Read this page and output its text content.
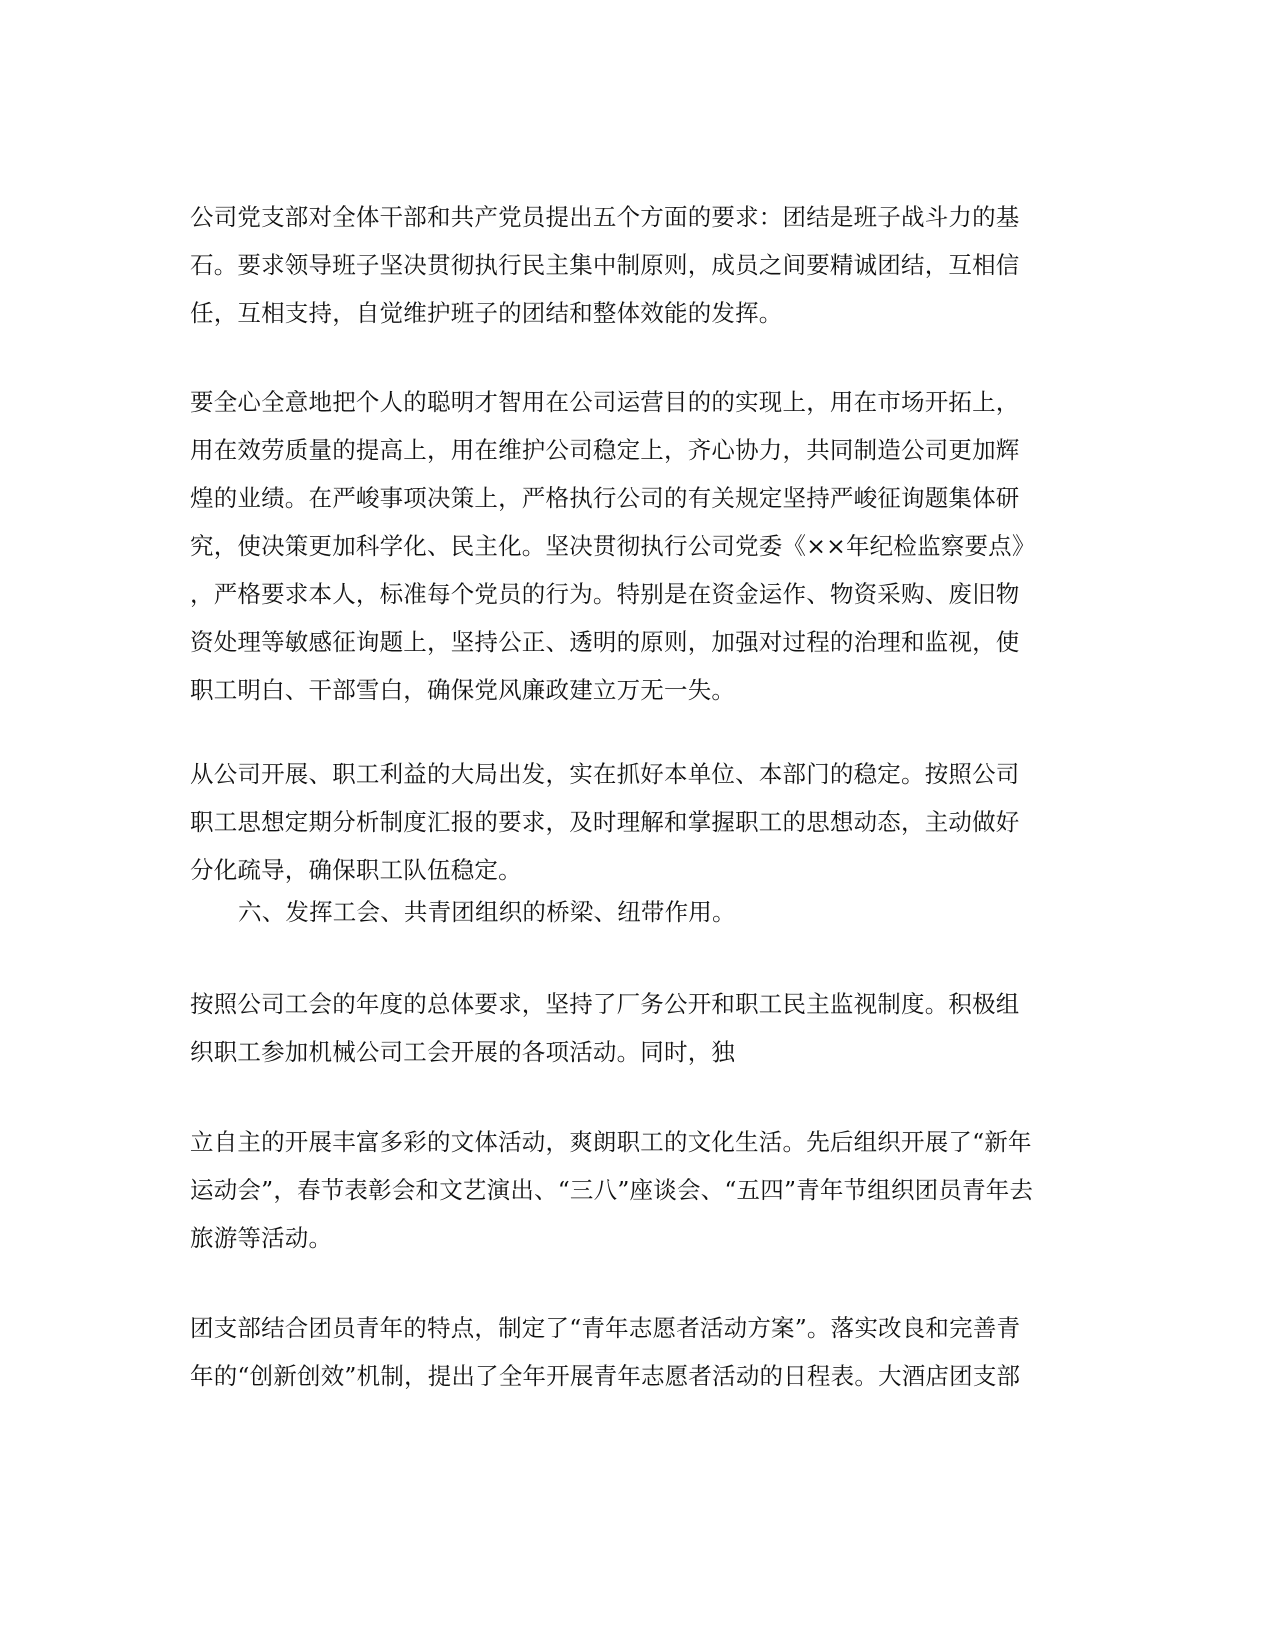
公司党支部对全体干部和共产党员提出五个方面的要求：团结是班子战斗力的基
石。要求领导班子坚决贯彻执行民主集中制原则，成员之间要精诚团结，互相信
任，互相支持，自觉维护班子的团结和整体效能的发挥。
要全心全意地把个人的聪明才智用在公司运营目的的实现上，用在市场开拓上，
用在效劳质量的提高上，用在维护公司稳定上，齐心协力，共同制造公司更加辉
煌的业绩。在严峻事项决策上，严格执行公司的有关规定坚持严峻征询题集体研
究，使决策更加科学化、民主化。坚决贯彻执行公司党委《××年纪检监察要点》
，严格要求本人，标准每个党员的行为。特别是在资金运作、物资采购、废旧物
资处理等敏感征询题上，坚持公正、透明的原则，加强对过程的治理和监视，使
职工明白、干部雪白，确保党风廉政建立万无一失。
从公司开展、职工利益的大局出发，实在抓好本单位、本部门的稳定。按照公司
职工思想定期分析制度汇报的要求，及时理解和掌握职工的思想动态，主动做好
分化疏导，确保职工队伍稳定。
六、发挥工会、共青团组织的桥梁、纽带作用。
按照公司工会的年度的总体要求，坚持了厂务公开和职工民主监视制度。积极组
织职工参加机械公司工会开展的各项活动。同时，独
立自主的开展丰富多彩的文体活动，爽朗职工的文化生活。先后组织开展了“新年
运动会”，春节表彰会和文艺演出、“三八”座谈会、“五四”青年节组织团员青年去
旅游等活动。
团支部结合团员青年的特点，制定了“青年志愿者活动方案”。落实改良和完善青
年的“创新创效”机制，提出了全年开展青年志愿者活动的日程表。大酒店团支部
